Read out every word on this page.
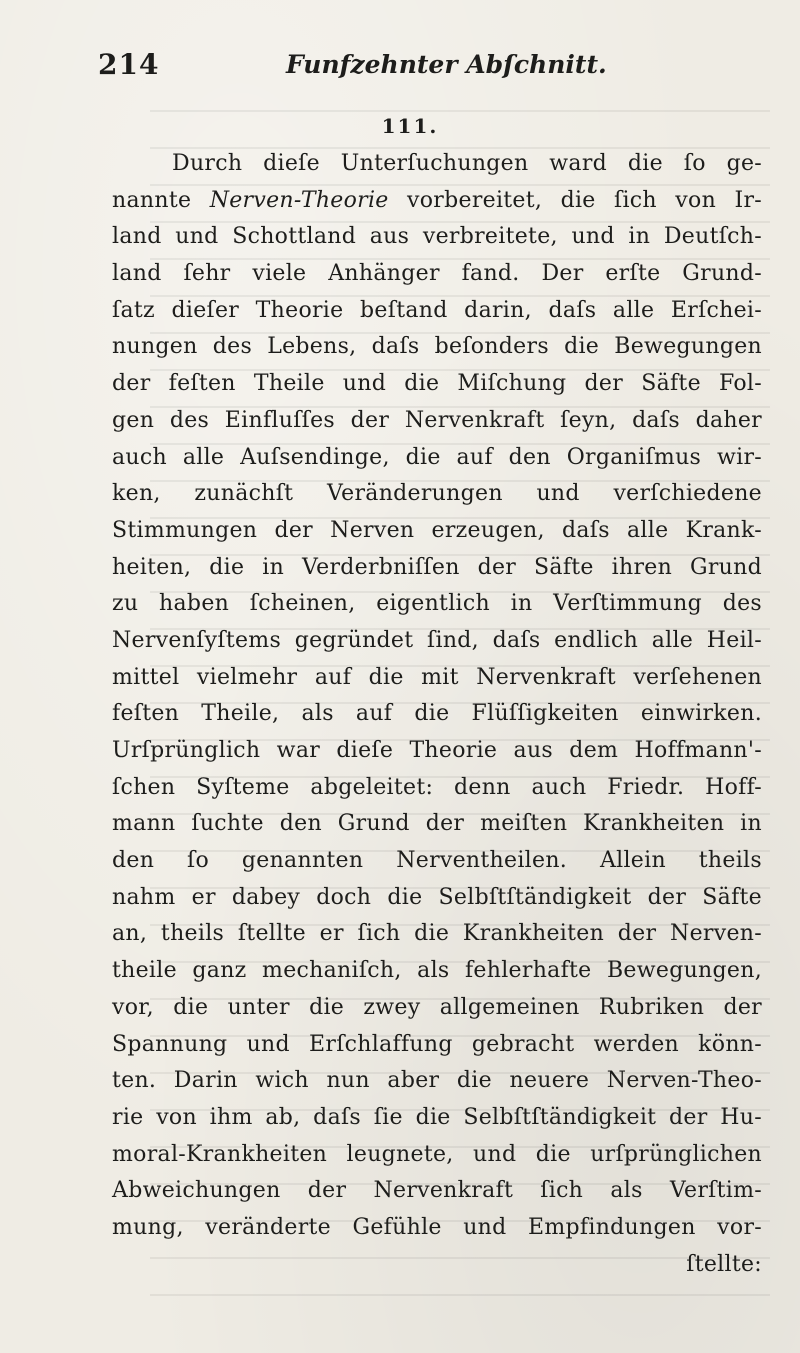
214	Funfzehnter Abſchnitt.
111.
Durch dieſe Unterſuchungen ward die ſo ge-
nannte Nerven-Theorie vorbereitet, die ſich von Ir-
land und Schottland aus verbreitete, und in Deutſch-
land ſehr viele Anhänger fand. Der erſte Grund-
ſatz dieſer Theorie beſtand darin, daſs alle Erſchei-
nungen des Lebens, daſs beſonders die Bewegungen
der feſten Theile und die Miſchung der Säfte Fol-
gen des Einfluſſes der Nervenkraft ſeyn, daſs daher
auch alle Auſsendinge, die auf den Organiſmus wir-
ken, zunächſt Veränderungen und verſchiedene
Stimmungen der Nerven erzeugen, daſs alle Krank-
heiten, die in Verderbniſſen der Säfte ihren Grund
zu haben ſcheinen, eigentlich in Verſtimmung des
Nervenſyſtems gegründet ſind, daſs endlich alle Heil-
mittel vielmehr auf die mit Nervenkraft verſehenen
feſten Theile, als auf die Flüſſigkeiten einwirken.
Urſprünglich war dieſe Theorie aus dem Hoffmann'-
ſchen Syſteme abgeleitet: denn auch Friedr. Hoff-
mann ſuchte den Grund der meiſten Krankheiten in
den ſo genannten Nerventheilen. Allein theils
nahm er dabey doch die Selbſtſtändigkeit der Säfte
an, theils ſtellte er ſich die Krankheiten der Nerven-
theile ganz mechaniſch, als fehlerhafte Bewegungen,
vor, die unter die zwey allgemeinen Rubriken der
Spannung und Erſchlaffung gebracht werden könn-
ten. Darin wich nun aber die neuere Nerven-Theo-
rie von ihm ab, daſs ſie die Selbſtſtändigkeit der Hu-
moral-Krankheiten leugnete, und die urſprünglichen
Abweichungen der Nervenkraft ſich als Verſtim-
mung, veränderte Gefühle und Empfindungen vor-
ſtellte:
